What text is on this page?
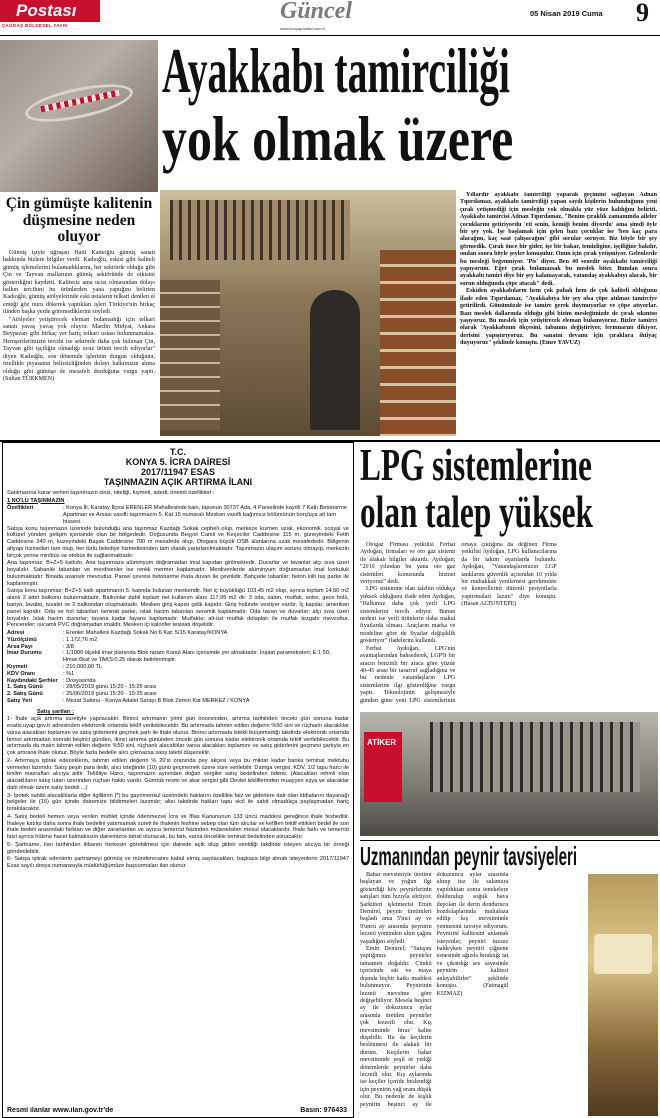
Postası
ÇAĞDAŞ BÖLGESEL YAYIN
Güncel
www.konyapostasi.com.tr
05 Nisan 2019 Cuma 9
Çin gümüşte kalitenin düşmesine neden oluyor

Gümüş işiyle uğraşan Hadi Kadıoğlu gümüş sanatı hakkında bizlere bilgiler verdi. Kadıoğlu, eskisi gibi kaliteli gümüş işlemelerini bulamadıklarını, her sektörde olduğu gibi Çin ve Tayvan mallarının gümüş sektöründe de etkisini gösterdiğini kaydetti. Kalitesiz ama ucuz olmasından dolayı halkın tercihini bu ürünlerden yana yaptığını belirten Kadıoğlu, gümüş atölyelerinde eski ustaların telkari denilen el emeği göz nuru dökerek yaptıkları işleri Türkiye'nin birkaç ilinden başka yerde göremediklerini söyledi.

"Atölyeler yetiştirecek eleman bulamadığı için telkari sanatı yavaş yavaş yok oluyor. Mardin Midyat, Ankara Beypazarı gibi birkaç yer hariç telkari ustası bulunmamakta. Hemşerilerimizin tercihi ise sektörde daha çok bulunan Çin, Tayvan gibi işçiliğin olmadığı ucuz ürünü tercih ediyorlar" diyen Kadıoğlu, son dönemde işlerinin durgun olduğunu, özellikle piyasanın belirsizliğinden dolayı halkımızın alıma olduğu gibi gümüşe de mesafeli durduğuna vurgu yaptı. (Sultan TÜRKMEN)

Ayakkabı tamirciliği
yok olmak üzere

Yıllardır ayakkabı tamirciliği yaparak geçimini sağlayan Adnan Tıpırdamaz, ayakkabı tamirciliği yapan sayılı kişilerin bulunduğunu yeni çırak yetişmediği için mesleğin yok olmakla yüz yüze kaldığını belirtti. Ayakkabı tamircisi Adnan Tıpırdamaz, "Benim çıraklık zamanımda aileler çocuklarını getiriyordu 'eti senin, kemiği benim diyordu' ama şimdi öyle bir şey yok. İşe başlamak için gelen bazı çocuklar ise 'ben kaç para alacağım, kaç saat çalışacağım' gibi sorular soruyor. Biz böyle bir şey görmedik. Çırak önce bir gider, işe bir bakar, temizligine, işçiliğine bakılır, ondan sonra böyle şeyler konuşulur. Onun için çırak yetişmiyor. Gelenlerde bu mesleği beğenmiyor. 'Pis' diyor. Ben 40 senedir ayakkabı tamirciliği yapıyorum. Eğer çırak bulamazsak bu meslek biter. Bundan sonra ayakkabı tamiri diye bir şey kalamayacak, vatandaş ayakkabıyı alacak, bir sorun olduğunda çöpe atacak" dedi.

Eskiden ayakkabıların hem çok pahalı hem de çok kaliteli olduğunu ifade eden Tıpırdamaz, "Ayakkabıya bir şey olsa çöpe atılmaz tamirciye getirilirdi. Günümüzde ise tamire gerek duymuyorlar ve çöpe atıyorlar. Bazı meslek dallarında olduğu gibi bizim mesleğimizde de çırak sıkıntısı yaşıyoruz. Bu meslek için yetiştirecek eleman bulamıyoruz. Bizler tamirci olarak 'Ayakkabının ökçesini, tabanını değiştiriyor, fermuarını dikiyor, derisini yapıştırıyoruz. Bu sanatın devamı için çıraklara ihtiyaç duyuyoruz" şeklinde konuştu. (Emre YAVUZ)

T.C.
KONYA 5. İCRA DAİRESİ
2017/11947 ESAS
TAŞINMAZIN AÇIK ARTIRMA İLANI

Satılmasına karar verilen taşınmazın cinsi, niteliği, kıymeti, adedi, önemli özellikleri :

1 NO'LU TAŞINMAZIN

Özellikleri	: Konya İli, Karatay İlçesi ERENLER Mahallesinde kain, tapunun 30737 Ada, 4 Parselinde kayıtlı 7 Katlı Betonarme Apartman ve Arsası vasıflı taşınmazın 5. Kat 15 numaralı Mesken vasıflı bağımsız bölümünün borçluya ait tam hissesi.

Satışa konu taşınmazın üzerinde bulunduğu ana taşınmaz Kazdağı Sokak cepheli olup, merkeze kısmen uzak, ekonomik, sosyal ve kültürel yönden gelişim içerisinde olan bir bölgededir. Doğusunda Beşyol Camii ve Keçeciler Caddesine 115 m, güneyindeki Fetih Caddesine 240 m, kuzeyindeki Başak Caddesine 700 m mesafede olup, Otogara büyük OSB alanlarına uzak mesafededir. Bölgenin altyapı hizmetleri tam olup, her türlü belediye hizmetlerinden tam olarak yararlanılmaktadır. Taşınmazın ulaşım sorunu olmayıp, merkezin birçok yerine minibüs ve otobüs ile sağlanmaktadır.

Ana taşınmaz; B+Z+5 katlıdır. Ana taşınmaza alüminyum doğramadan imal kapıdan girilmektedir. Duvarlar ve tavanlar alçı sıva üzeri boyalıdır. Sahanlık tabanları ve merdivenler ise renkli mermer kaplamadır. Merdivenlerde alüminyum doğramadan imal korkuluk bulunmaktadır. Binada asansör mevcuttur. Parsel çevresi betonarme ihata duvarı ile çevrilidir. Bahçede tabanlar; beton kilit taş parke ile kaplanmıştır.

Satışa konu taşınmaz; B+Z+5 katlı apartmanın 5. katında bulunan meskendir. Net iç büyüklüğü 103,45 m2 olup, ayrıca toplam 14,50 m2 alanlı 2 adet balkonu bulunmaktadır. Balkonlar dahil toplam net kullanım alanı 117,95 m2 dir. 3 oda, salon, mutfak, antre, gece holü, banyo, lavabo, tuvalet ve 2 balkondan oluşmaktadır. Mesken giriş kapısı çelik kapıdır. Giriş holünde vestiyer vardır. İç kapılar; amerikan panel kapıdır. Oda ve hol tabanları laminat parke, ıslak hacim tabanları seramik kaplamadır. Oda tavan ve duvarlar; alçı sıva üzeri boyalıdır. Islak hacim duvarlar; tavana kadar fayans kaplamadır. Mutfakta; alt-üst mutfak dolapları ile mutfak tezgahı mevcuttur. Pencereler; ısıcamlı PVC doğramadan imaldir. Mesken içi kalorifer tesisatı döşelidir.

Adresi	: Erenler Mahallesi Kazdağı Sokak No:6 Kat: 5/15 Karatay/KONYA
Yüzölçümü	: 1.172,76 m2
Arsa Payı	: 3/8
İmar Durumu	: 1/1000 ölçekli imar planında Blok nizam Konut Alanı içerisinde yer almaktadır. İnşaat parametreleri; E:1.50, Hmax:6kat ve TAKS:0.25 olarak belirlenmiştir.
Kıymeti	: 210.000,00 TL
KDV Oranı	: %1
Kaydındaki Şerhler : Dosyasında
1. Satış Günü	: 28/05/2019 günü 15:20 - 15:25 arası
2. Satış Günü	: 25/06/2019 günü 15:20 - 15:25 arası
Satış Yeri	: Mezat Salonu - Konya Adalet Sarayı B Blok Zemin Kat MERKEZ / KONYA

Satış şartları :

1- İhale açık artırma suretiyle yapılacaktır. Birinci artırmanın yirmi gün öncesinden, artırma tarihinden önceki gün sonuna kadar esatis.uyap.gov.tr adresinden elektronik ortamda teklif verilebilecektir. Bu artırmada tahmin edilen değerin %50 sini ve rüçhanlı alacaklılar varsa alacakları toplamını ve satış giderlerini geçmek şartı ile ihale olunur. Birinci artırmada istekli bulunmadığı takdirde elektronik ortamda birinci artırmadan sonraki beşinci günden, ikinci artırma gününden önceki gün sonuna kadar elektronik ortamda teklif verilebilecektir. Bu artırmada da malın tahmin edilen değerin %50 sini, rüçhanlı alacaklılar varsa alacakları toplamını ve satış giderlerini geçmesi şartıyla en çok artırana ihale olunur. Böyle fazla bedelle alıcı çıkmazsa satış talebi düşecektir.

2- Artırmaya iştirak edeceklerin, tahmin edilen değerin % 20'si oranında pey akçesi veya bu miktar kadar banka teminat mektubu vermeleri lazımdır. Satış peşin para iledir, alıcı isteğinde (10) günü geçmemek üzere süre verilebilir. Damga vergisi, KDV, 1/2 tapu harcı ile teslim masrafları alıcıya aittir. Tellâliye Harcı, taşınmazın aynından doğan vergiler satış bedelinden ödenir. (Alacakları rehinli olan alacaklıların satış tutarı üzerinden rüçhan hakkı vardır. Gümrük resmi ve akar vergisi gibi Devlet tekliflerinden muayyen eşya ve alacaklar dahi olmak üzere satış bedeli ...)

3- İpotek sahibi alacaklılarla diğer ilgililerin (*) bu gayrimenkul üzerindeki haklarını özellikle faiz ve giderlere dair olan iddialarını dayanağı belgeler ile (15) gün içinde dairemize bildirmeleri lazımdır; aksi takdirde hakları tapu sicil ile sabit olmadıkça paylaşmadan hariç bırakılacaktır.

4- Satış bedeli hemen veya verilen mühlet içinde ödenmezse İcra ve İflas Kanununun 133 üncü maddesi gereğince ihale feshedilir. İhaleye katılıp daha sonra ihale bedelini yatırmamak sureti ile ihalenin feshine sebep olan tüm alıcılar ve kefilleri teklif ettikleri bedel ile son ihale bedeli arasındaki farktan ve diğer zararlardan ve ayrıca temerrüt faizinden müteselsilen mesul olacaklardır. İhale farkı ve temerrüt faizi ayrıca hükme hacet kalmaksızın dairemizce tahsil olunacak, bu fark, varsa öncelikle teminat bedelinden alınacaktır.

5- Şartname, ilan tarihinden itibaren herkesin görebilmesi için dairede açık olup gideri verildiği takdirde isteyen alıcıya bir örneği gönderilebilir.

6- Satışa iştirak edenlerin şartnameyi görmüş ve münderecatını kabul etmiş sayılacakları, başkaca bilgi almak isteyenlerin 2017/11947 Esas sayılı dosya numarasıyla müdürlüğümüze başvurmaları ilan olunur.

Resmî ilanlar www.ilan.gov.tr'de	Basın: 976433
LPG sistemlerine
olan talep yüksek

Otogaz Firması yetkilisi Ferhat Aydoğan, firmaları ve oto gaz sistemi ile alakalı bilgiler aktardı. Aydoğan; "2010 yılından bu yana oto gaz sistemleri konusunda hizmet veriyoruz" dedi.

LPG sistemine olan talebin oldukça yüksek olduğunu ifade eden Aydoğan, "Halkımız daha çok yerli LPG sistemlerini tercih ediyor. Bunun nedeni ise yerli ürünlerin daha makul fiyatlarda olması. Araçların marka ve modeline göre de fiyatlar değişiklik gösteriyor" ifadelerini kullandı.

Ferhat Aydoğan, LPG'nin avantajlarından bahsederek, LGP'li bir aracın benzinli bir araca göre yüzde 40-45 arası bir tasarruf sağladığına ve bu nedenle vatandaşların LPG sistemlerine ilgi gösterdiğine vurgu yaptı. Teknolojinin gelişmesiyle günden güne yeni LPG sistemlerinin ortaya çıktığına da değinen Firma yetkilisi Aydoğan, LPG kullanıcılarına da bir takım uyarılarda bulundu. Aydoğan, "Vatandaşlarımızın LGP tanklarını güvenlik açısından 10 yılda bir muhakkak yenilemesi gerekmekte ve kontrollerini düzenli periyotlarla yaptırmaları lazım" diye konuştu. (Hasan ALTUNTEPE)

ATİKER
Uzmanından peynir tavsiyeleri

Bahar mevsimiyle üretimi başlayan ve yoğun ilgi gösterdiği köy peynirlerinin satışları tüm hızıyla sürüyor. Şarküteri işletmecisi Emin Demirel, peynir üretimleri başladı ama 5'inci ay ve 9'uncu ay arasında peynirin lezzeti yönünden altın çağını yaşadığını söyledi.

Emin Demirel; "Satışını yaptığımız peynirler tamamen doğaldır. Çünkü içerisinde süt ve maya dışında hiçbir katkı maddesi bulunmuyor. Peynirinin lezzeti mevsime göre değişebiliyor. Mesela beşinci ay ile dokuzuncu aylar arasında üretilen peynirler çok lezzetli olur. Kış mevsiminde biraz kalite düşebilir. Bu da keçilerin beslenmesi ile alakalı bir durum. Keçilerin bahar mevsiminde yeşil ot yediği dönemlerde peynirler daha lezzetli olur. Kış aylarında ise keçiler içeride beslendiği için peynirin yağ oranı düşük olur. Bu nedenle de kışlık peynirin beşinci ay ile dokuzuncu aylar arasında alınıp tuz ile salamura yapıldıktan sonra tenekelere doldurulup soğuk hava depoları ile derin dondurucu bozdolaplarında muhafaza edilip kış mevsiminde yenmesini tavsiye ediyorum. Peynirini kalitesini anlamak isteyenler, peyniri tuzsuz baldeyken peyniri çiğnene esnesinde ağızda bıraktığı tat ve çıkardığı ses sayesinde peynirin kalitesi anlayabilirler" şeklinde konuştu. (Fatmagül KIZMAZ)
